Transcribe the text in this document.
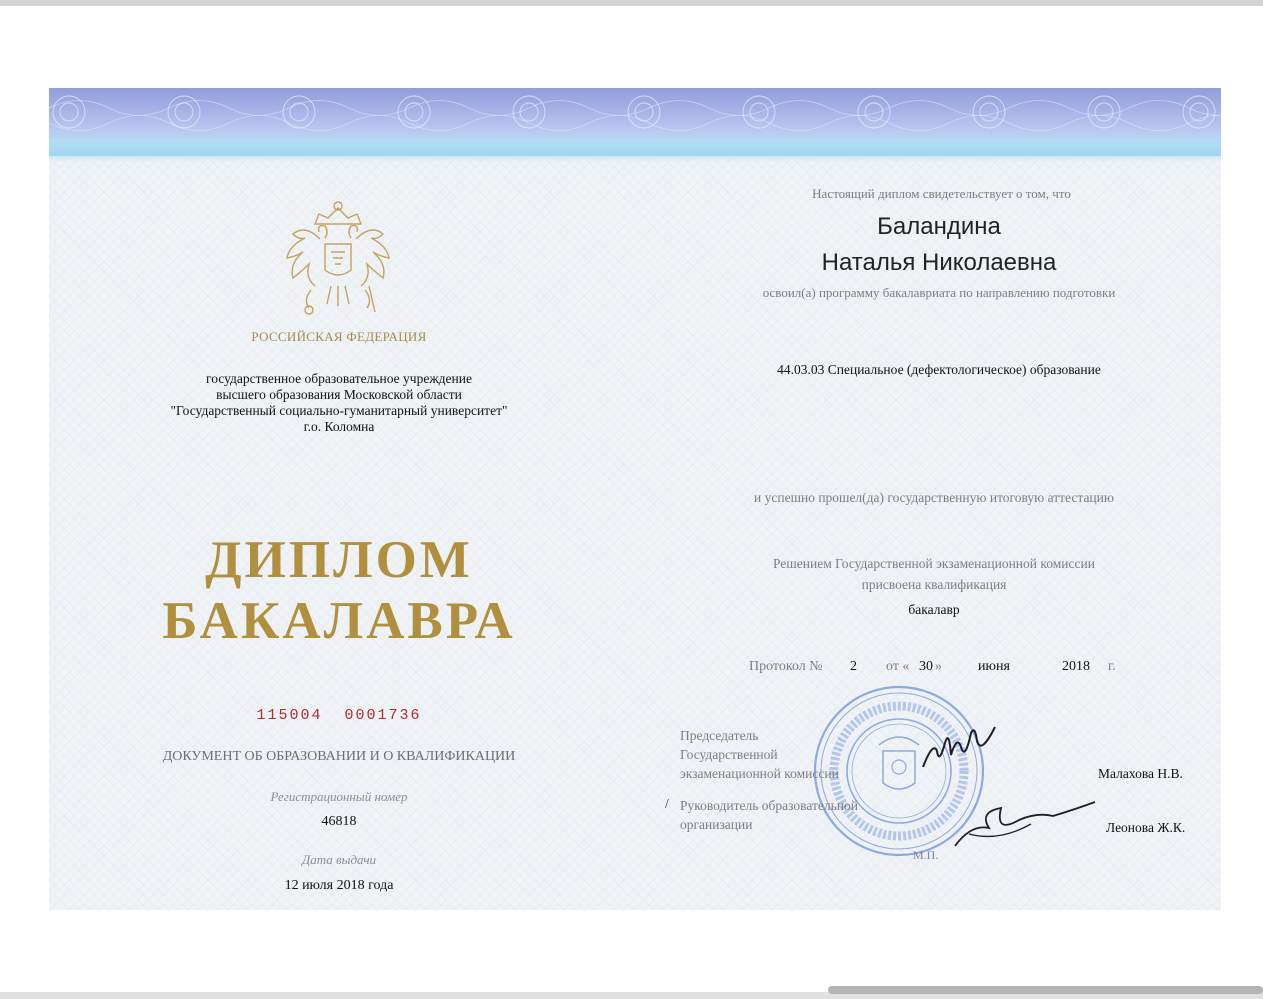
РОССИЙСКАЯ ФЕДЕРАЦИЯ
государственное образовательное учреждение
высшего образования Московской области
"Государственный социально-гуманитарный университет"
г.о. Коломна
ДИПЛОМ
БАКАЛАВРА
115004  0001736
ДОКУМЕНТ ОБ ОБРАЗОВАНИИ И О КВАЛИФИКАЦИИ
Регистрационный номер
46818
Дата выдачи
12 июля 2018 года
Настоящий диплом свидетельствует о том, что
Баландина
Наталья Николаевна
освоил(а) программу бакалавриата по направлению подготовки
44.03.03 Специальное (дефектологическое) образование
и успешно прошел(да) государственную итоговую аттестацию
Решением Государственной экзаменационной комиссии
присвоена квалификация
бакалавр
Протокол № 2 от « 30 »	июня	2018 г.
Председатель
Государственной
экзаменационной комиссии	Малахова Н.В.
/ Руководитель образовательной
организации	Леонова Ж.К.
М.П.
